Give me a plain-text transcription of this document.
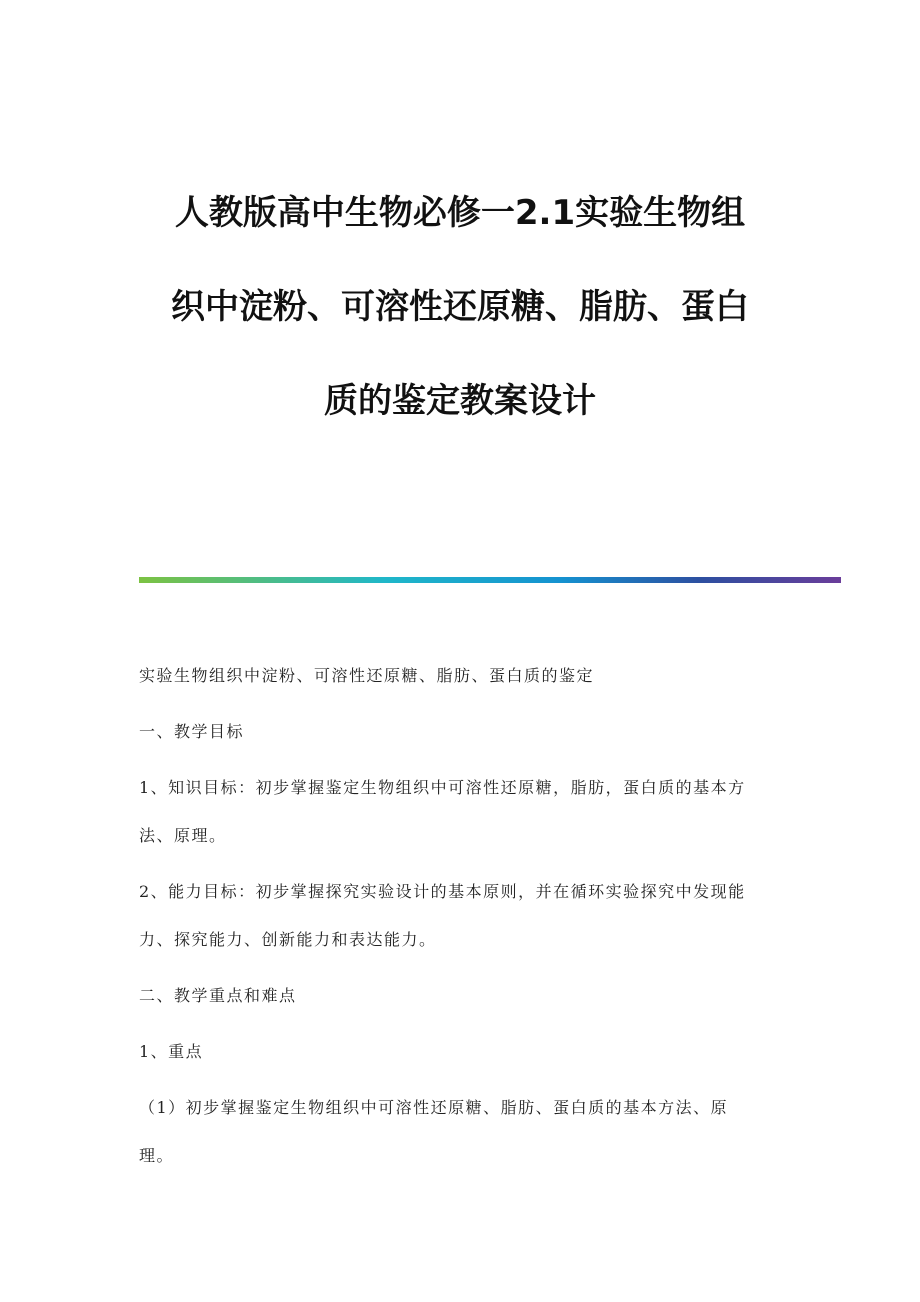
人教版高中生物必修一2.1实验生物组
织中淀粉、可溶性还原糖、脂肪、蛋白
质的鉴定教案设计

实验生物组织中淀粉、可溶性还原糖、脂肪、蛋白质的鉴定

一、教学目标

1、知识目标：初步掌握鉴定生物组织中可溶性还原糖，脂肪，蛋白质的基本方
法、原理。

2、能力目标：初步掌握探究实验设计的基本原则，并在循环实验探究中发现能
力、探究能力、创新能力和表达能力。

二、教学重点和难点

1、重点

（1）初步掌握鉴定生物组织中可溶性还原糖、脂肪、蛋白质的基本方法、原
理。
